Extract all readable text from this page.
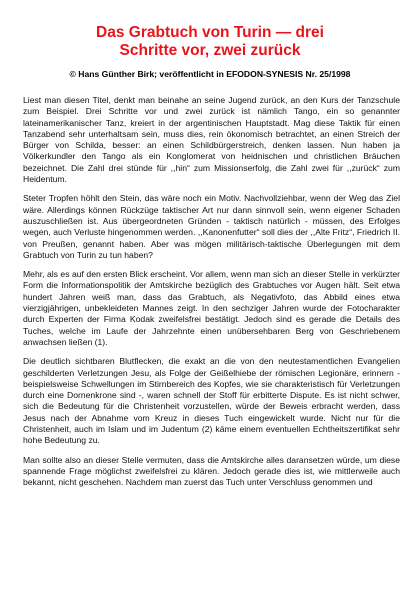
Das Grabtuch von Turin — drei
Schritte vor, zwei zurück

© Hans Günther Birk; veröffentlicht in EFODON-SYNESIS Nr. 25/1998

Liest man diesen Titel, denkt man beinahe an seine Jugend zurück, an den Kurs der Tanzschule zum Beispiel. Drei Schritte vor und zwei zurück ist nämlich Tango, ein so genannter lateinamerikanischer Tanz, kreiert in der argentinischen Hauptstadt. Mag diese Taktik für einen Tanzabend sehr unterhaltsam sein, muss dies, rein ökonomisch betrachtet, an einen Streich der Bürger von Schilda, besser: an einen Schildbürgerstreich, denken lassen. Nun haben ja Völkerkundler den Tango als ein Konglomerat von heidnischen und christlichen Bräuchen bezeichnet. Die Zahl drei stünde für ,,hin“ zum Missionserfolg, die Zahl zwei für ,,zurück“ zum Heidentum.

Steter Tropfen höhlt den Stein, das wäre noch ein Motiv. Nachvollziehbar, wenn der Weg das Ziel wäre. Allerdings können Rückzüge taktischer Art nur dann sinnvoll sein, wenn eigener Schaden auszuschließen ist. Aus übergeordneten Gründen - taktisch natürlich - müssen, des Erfolges wegen, auch Verluste hingenommen werden. ,,Kanonenfutter“ soll dies der ,,Alte Fritz“, Friedrich II. von Preußen, genannt haben. Aber was mögen militärisch-taktische Überlegungen mit dem Grabtuch von Turin zu tun haben?

Mehr, als es auf den ersten Blick erscheint. Vor allem, wenn man sich an dieser Stelle in verkürzter Form die Informationspolitik der Amtskirche bezüglich des Grabtuches vor Augen hält. Seit etwa hundert Jahren weiß man, dass das Grabtuch, als Negativfoto, das Abbild eines etwa vierzigjährigen, unbekleideten Mannes zeigt. In den sechziger Jahren wurde der Fotocharakter durch Experten der Firma Kodak zweifelsfrei bestätigt. Jedoch sind es gerade die Details des Tuches, welche im Laufe der Jahrzehnte einen unübersehbaren Berg von Geschriebenem anwachsen ließen (1).

Die deutlich sichtbaren Blutflecken, die exakt an die von den neutestamentlichen Evangelien geschilderten Verletzungen Jesu, als Folge der Geißelhiebe der römischen Legionäre, erinnern - beispielsweise Schwellungen im Stirnbereich des Kopfes, wie sie charakteristisch für Verletzungen durch eine Dornenkrone sind -, waren schnell der Stoff für erbitterte Dispute. Es ist nicht schwer, sich die Bedeutung für die Christenheit vorzustellen, würde der Beweis erbracht werden, dass Jesus nach der Abnahme vom Kreuz in dieses Tuch eingewickelt wurde. Nicht nur für die Christenheit, auch im Islam und im Judentum (2) käme einem eventuellen Echtheitszertifikat sehr hohe Bedeutung zu.

Man sollte also an dieser Stelle vermuten, dass die Amtskirche alles daransetzen würde, um diese spannende Frage möglichst zweifelsfrei zu klären. Jedoch gerade dies ist, wie mittlerweile auch bekannt, nicht geschehen. Nachdem man zuerst das Tuch unter Verschluss genommen und
